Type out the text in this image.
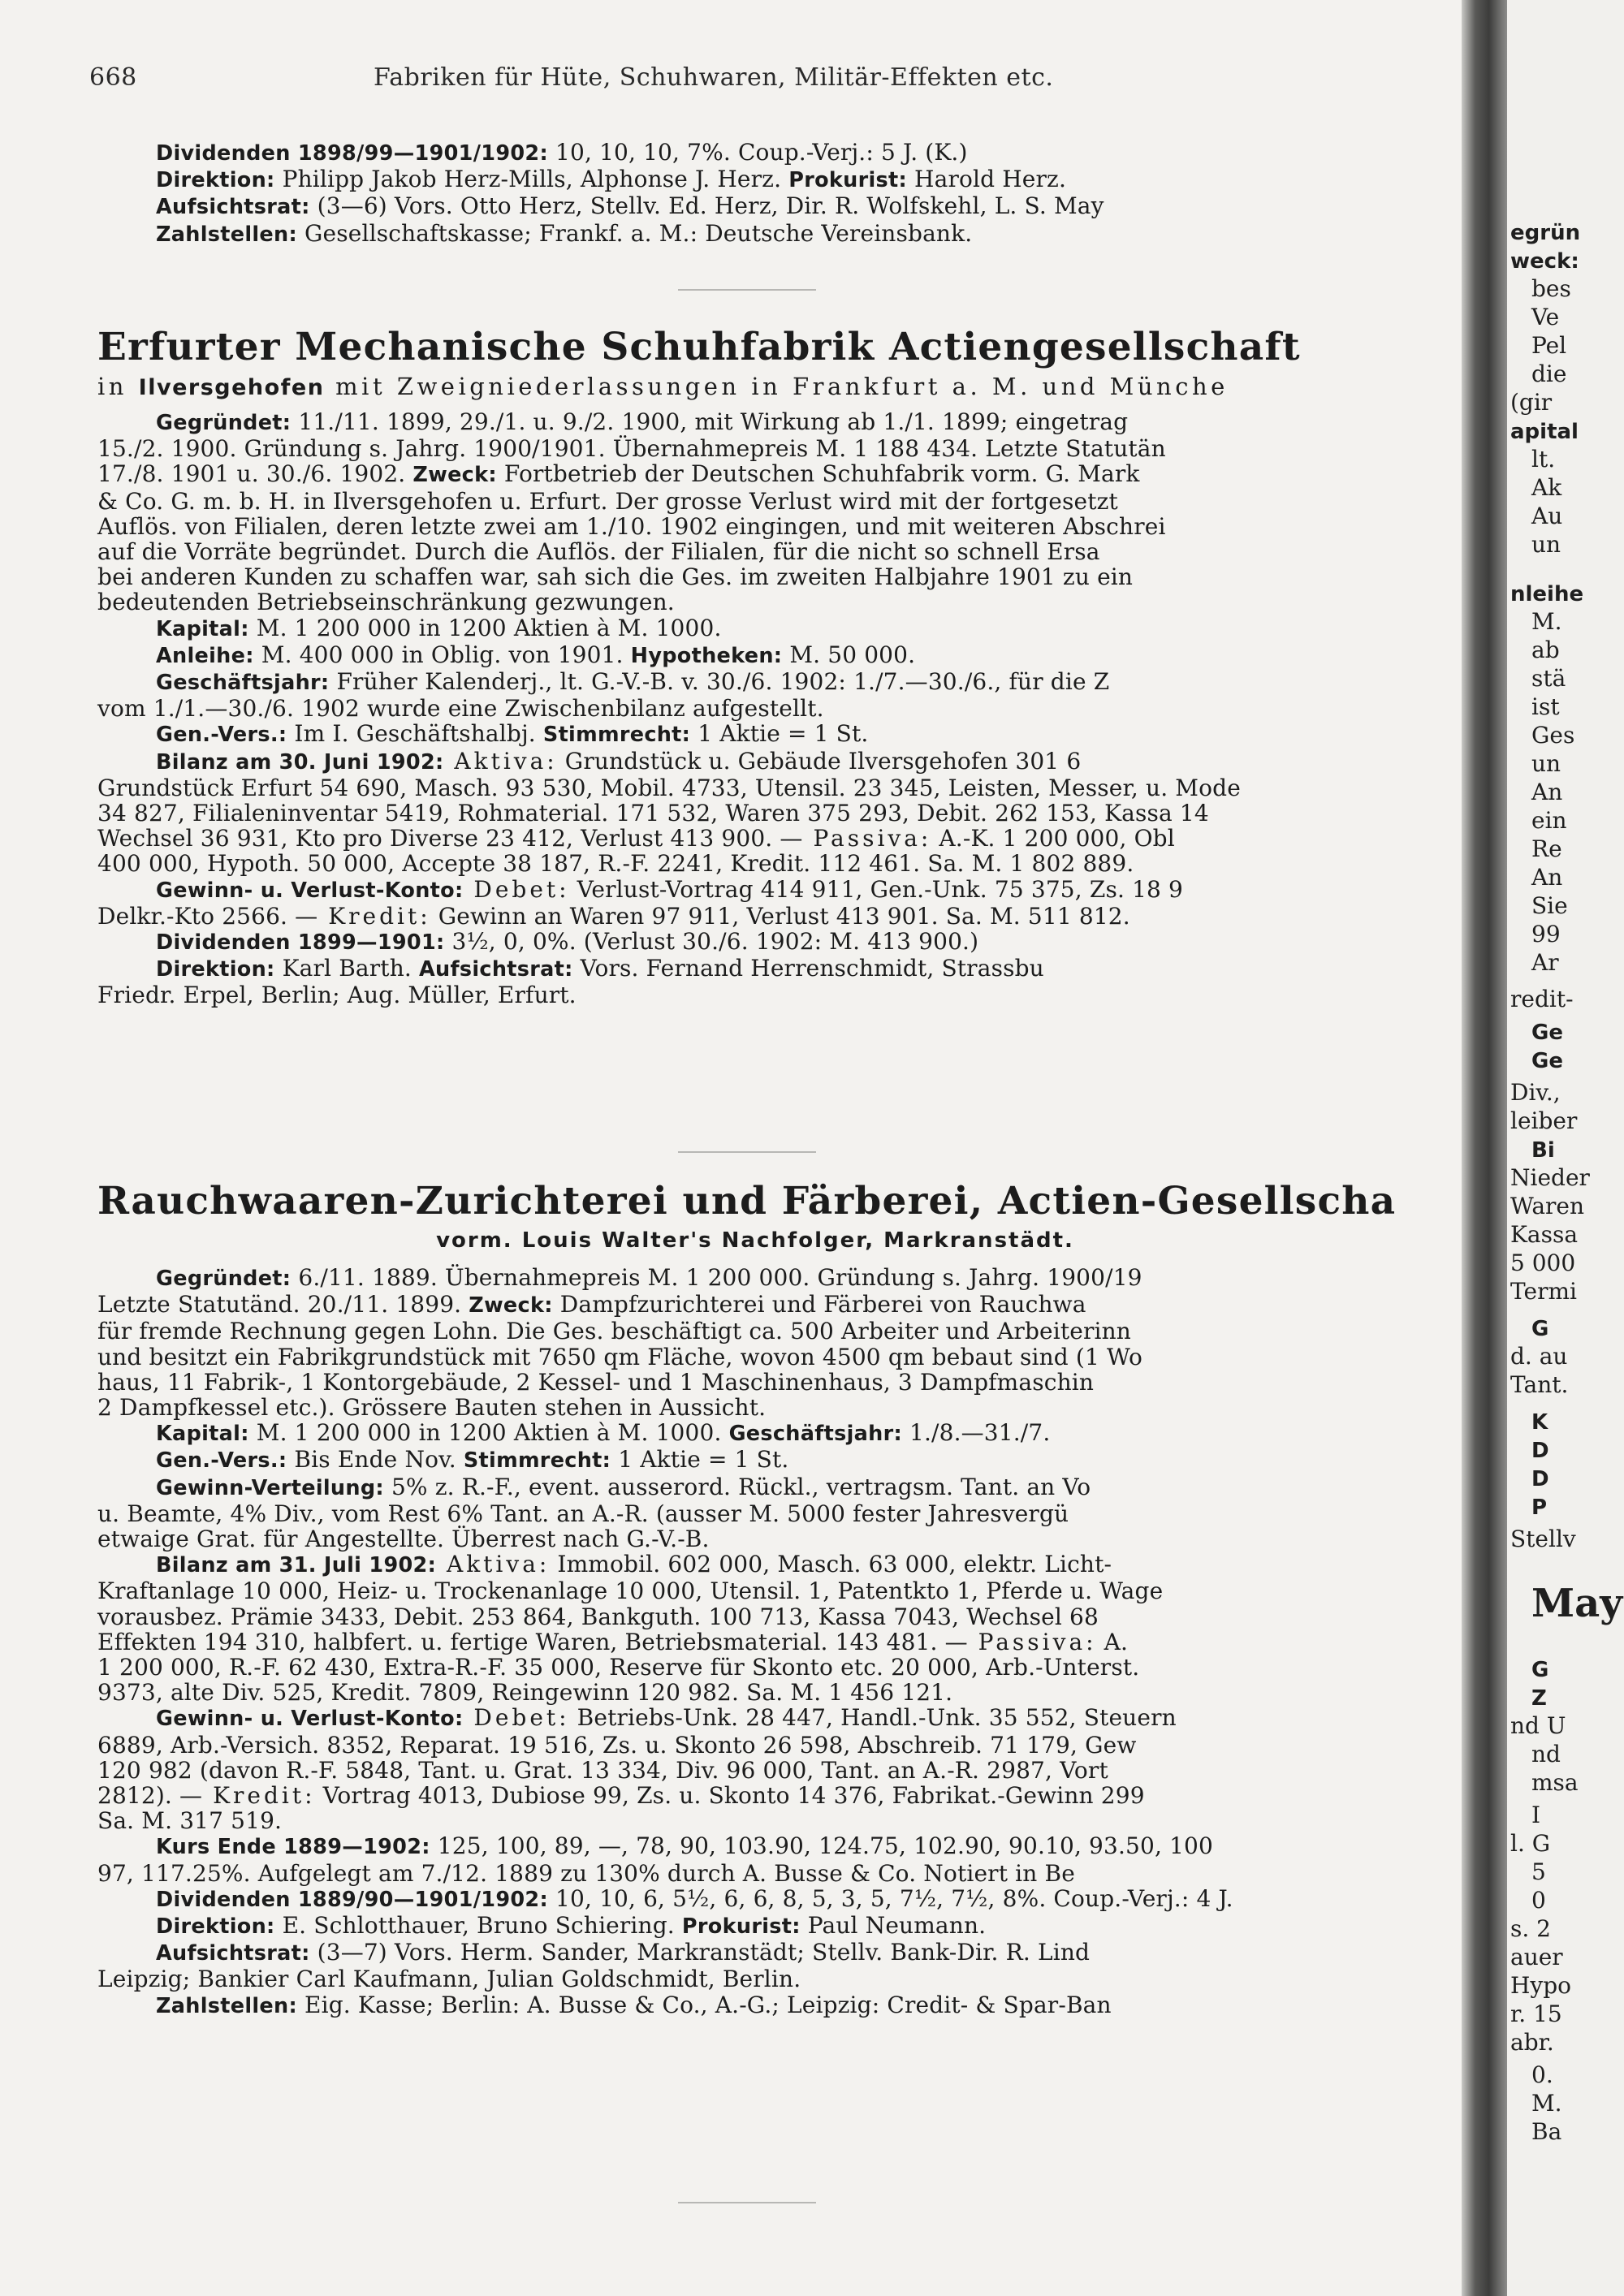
668	Fabriken für Hüte, Schuhwaren, Militär-Effekten etc.

Dividenden 1898/99—1901/1902: 10, 10, 10, 7%. Coup.-Verj.: 5 J. (K.)

Direktion: Philipp Jakob Herz-Mills, Alphonse J. Herz. Prokurist: Harold Herz.

Aufsichtsrat: (3—6) Vors. Otto Herz, Stellv. Ed. Herz, Dir. R. Wolfskehl, L. S. May

Zahlstellen: Gesellschaftskasse; Frankf. a. M.: Deutsche Vereinsbank.

Erfurter Mechanische Schuhfabrik Actiengesellschaft

in Ilversgehofen mit Zweigniederlassungen in Frankfurt a. M. und Münche

Gegründet: 11./11. 1899, 29./1. u. 9./2. 1900, mit Wirkung ab 1./1. 1899; eingetrag

15./2. 1900. Gründung s. Jahrg. 1900/1901. Übernahmepreis M. 1 188 434. Letzte Statutän

17./8. 1901 u. 30./6. 1902. Zweck: Fortbetrieb der Deutschen Schuhfabrik vorm. G. Mark

& Co. G. m. b. H. in Ilversgehofen u. Erfurt. Der grosse Verlust wird mit der fortgesetzt

Auflös. von Filialen, deren letzte zwei am 1./10. 1902 eingingen, und mit weiteren Abschrei

auf die Vorräte begründet. Durch die Auflös. der Filialen, für die nicht so schnell Ersa

bei anderen Kunden zu schaffen war, sah sich die Ges. im zweiten Halbjahre 1901 zu ein

bedeutenden Betriebseinschränkung gezwungen.

Kapital: M. 1 200 000 in 1200 Aktien à M. 1000.

Anleihe: M. 400 000 in Oblig. von 1901. Hypotheken: M. 50 000.

Geschäftsjahr: Früher Kalenderj., lt. G.-V.-B. v. 30./6. 1902: 1./7.—30./6., für die Z

vom 1./1.—30./6. 1902 wurde eine Zwischenbilanz aufgestellt.

Gen.-Vers.: Im I. Geschäftshalbj. Stimmrecht: 1 Aktie = 1 St.

Bilanz am 30. Juni 1902: Aktiva: Grundstück u. Gebäude Ilversgehofen 301 6

Grundstück Erfurt 54 690, Masch. 93 530, Mobil. 4733, Utensil. 23 345, Leisten, Messer, u. Mode

34 827, Filialeninventar 5419, Rohmaterial. 171 532, Waren 375 293, Debit. 262 153, Kassa 14

Wechsel 36 931, Kto pro Diverse 23 412, Verlust 413 900. — Passiva: A.-K. 1 200 000, Obl

400 000, Hypoth. 50 000, Accepte 38 187, R.-F. 2241, Kredit. 112 461. Sa. M. 1 802 889.

Gewinn- u. Verlust-Konto: Debet: Verlust-Vortrag 414 911, Gen.-Unk. 75 375, Zs. 18 9

Delkr.-Kto 2566. — Kredit: Gewinn an Waren 97 911, Verlust 413 901. Sa. M. 511 812.

Dividenden 1899—1901: 3½, 0, 0%. (Verlust 30./6. 1902: M. 413 900.)

Direktion: Karl Barth. Aufsichtsrat: Vors. Fernand Herrenschmidt, Strassbu

Friedr. Erpel, Berlin; Aug. Müller, Erfurt.

Rauchwaaren-Zurichterei und Färberei, Actien-Gesellscha

vorm. Louis Walter's Nachfolger, Markranstädt.

Gegründet: 6./11. 1889. Übernahmepreis M. 1 200 000. Gründung s. Jahrg. 1900/19

Letzte Statutänd. 20./11. 1899. Zweck: Dampfzurichterei und Färberei von Rauchwa

für fremde Rechnung gegen Lohn. Die Ges. beschäftigt ca. 500 Arbeiter und Arbeiterinn

und besitzt ein Fabrikgrundstück mit 7650 qm Fläche, wovon 4500 qm bebaut sind (1 Wo

haus, 11 Fabrik-, 1 Kontorgebäude, 2 Kessel- und 1 Maschinenhaus, 3 Dampfmaschin

2 Dampfkessel etc.). Grössere Bauten stehen in Aussicht.

Kapital: M. 1 200 000 in 1200 Aktien à M. 1000. Geschäftsjahr: 1./8.—31./7.

Gen.-Vers.: Bis Ende Nov. Stimmrecht: 1 Aktie = 1 St.

Gewinn-Verteilung: 5% z. R.-F., event. ausserord. Rückl., vertragsm. Tant. an Vo

u. Beamte, 4% Div., vom Rest 6% Tant. an A.-R. (ausser M. 5000 fester Jahresvergü

etwaige Grat. für Angestellte. Überrest nach G.-V.-B.

Bilanz am 31. Juli 1902: Aktiva: Immobil. 602 000, Masch. 63 000, elektr. Licht-

Kraftanlage 10 000, Heiz- u. Trockenanlage 10 000, Utensil. 1, Patentkto 1, Pferde u. Wage

vorausbez. Prämie 3433, Debit. 253 864, Bankguth. 100 713, Kassa 7043, Wechsel 68

Effekten 194 310, halbfert. u. fertige Waren, Betriebsmaterial. 143 481. — Passiva: A.

1 200 000, R.-F. 62 430, Extra-R.-F. 35 000, Reserve für Skonto etc. 20 000, Arb.-Unterst.

9373, alte Div. 525, Kredit. 7809, Reingewinn 120 982. Sa. M. 1 456 121.

Gewinn- u. Verlust-Konto: Debet: Betriebs-Unk. 28 447, Handl.-Unk. 35 552, Steuern

6889, Arb.-Versich. 8352, Reparat. 19 516, Zs. u. Skonto 26 598, Abschreib. 71 179, Gew

120 982 (davon R.-F. 5848, Tant. u. Grat. 13 334, Div. 96 000, Tant. an A.-R. 2987, Vort

2812). — Kredit: Vortrag 4013, Dubiose 99, Zs. u. Skonto 14 376, Fabrikat.-Gewinn 299

Sa. M. 317 519.

Kurs Ende 1889—1902: 125, 100, 89, —, 78, 90, 103.90, 124.75, 102.90, 90.10, 93.50, 100

97, 117.25%. Aufgelegt am 7./12. 1889 zu 130% durch A. Busse & Co. Notiert in Be

Dividenden 1889/90—1901/1902: 10, 10, 6, 5½, 6, 6, 8, 5, 3, 5, 7½, 7½, 8%. Coup.-Verj.: 4 J.

Direktion: E. Schlotthauer, Bruno Schiering. Prokurist: Paul Neumann.

Aufsichtsrat: (3—7) Vors. Herm. Sander, Markranstädt; Stellv. Bank-Dir. R. Lind

Leipzig; Bankier Carl Kaufmann, Julian Goldschmidt, Berlin.

Zahlstellen: Eig. Kasse; Berlin: A. Busse & Co., A.-G.; Leipzig: Credit- & Spar-Ban

egrün
weck:
bes
Ve
Pel
die
(gir
apital
lt.
Ak
Au
un
nleihe
M.
ab
stä
ist
Ges
un
An
ein
Re
An
Sie
99
Ar
redit-
Ge
Ge
Div.,
leiber
Bi
Nieder
Waren
Kassa
5 000
Termi
G
d. au
Tant.
K
D
D
P
Stellv
May
G
Z
nd U
nd
msa
I
l. G
5
0
s. 2
auer
Hypo
r. 15
abr.
0.
M.
Ba
